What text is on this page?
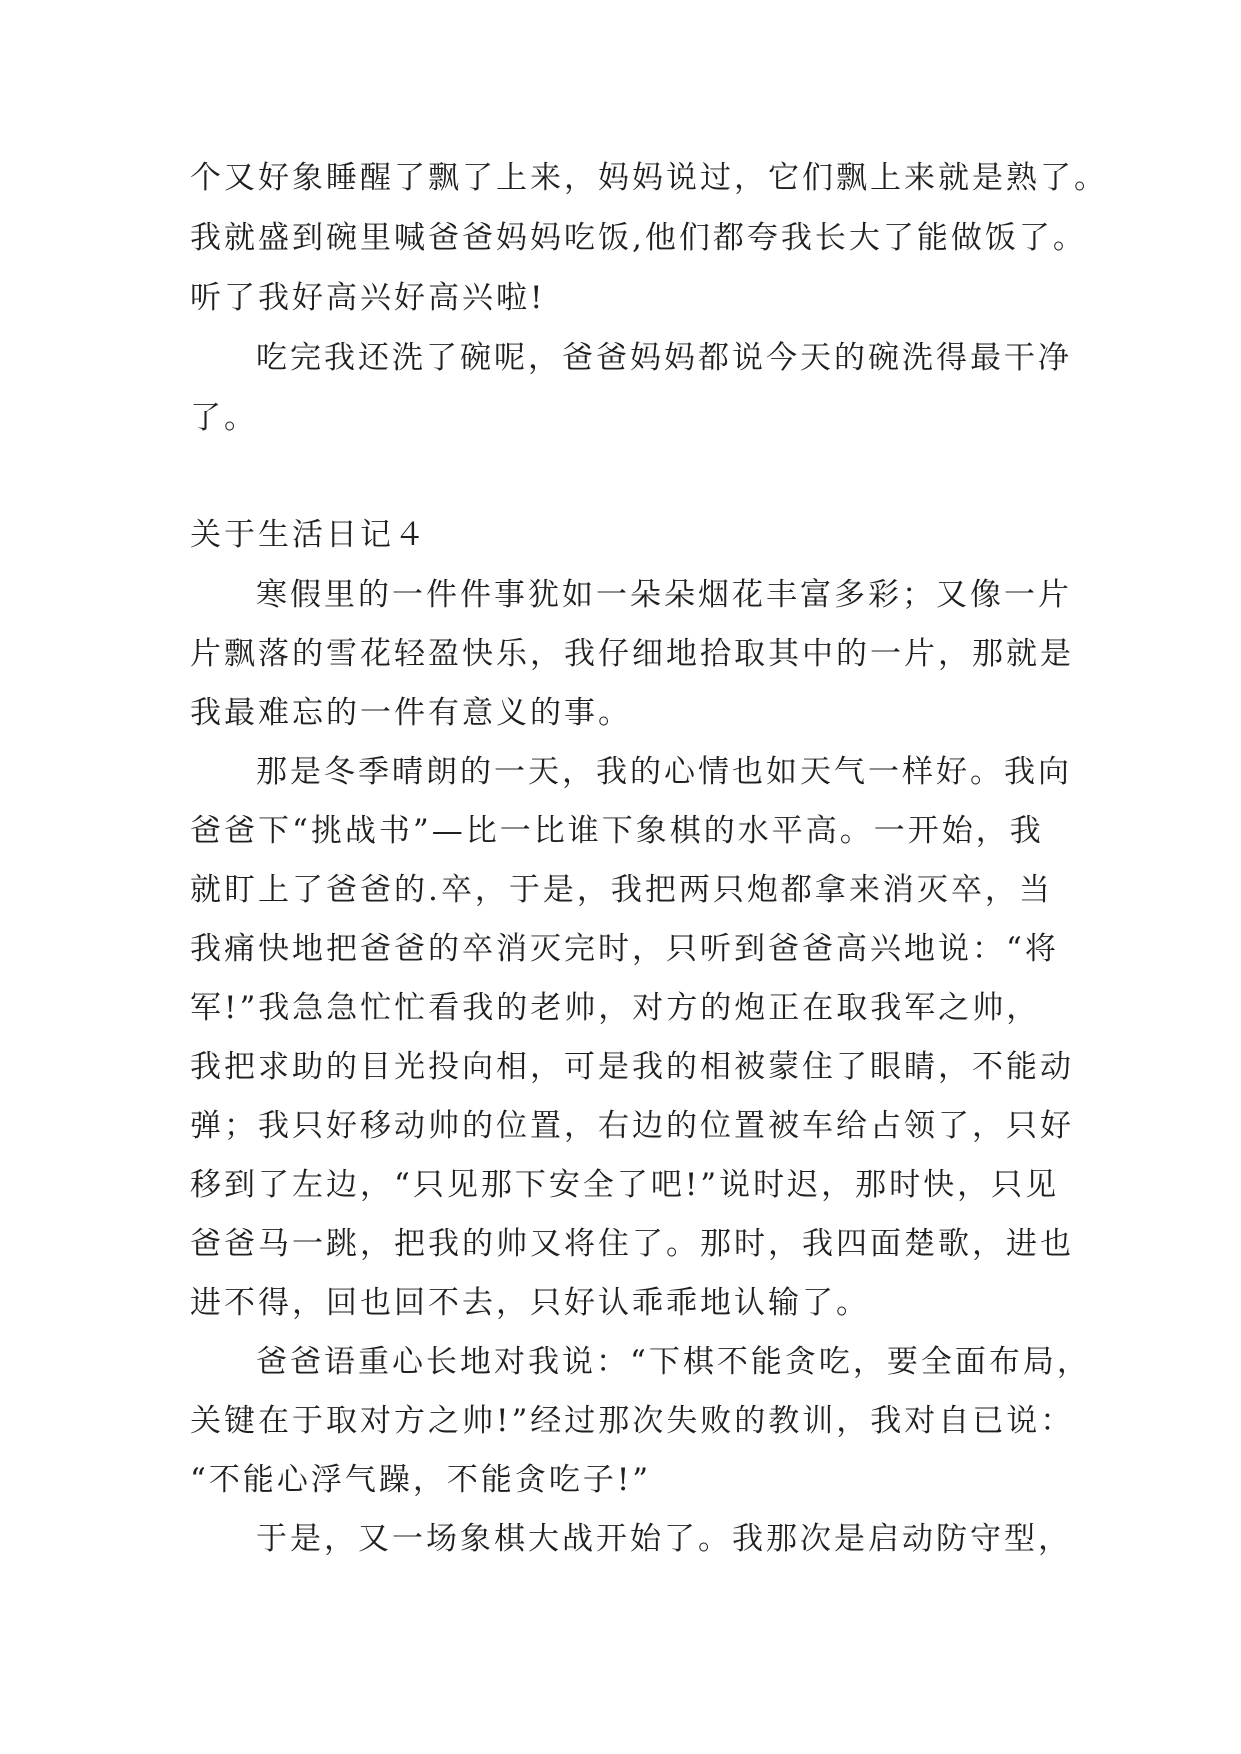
个又好象睡醒了飘了上来，妈妈说过，它们飘上来就是熟了。
我就盛到碗里喊爸爸妈妈吃饭,他们都夸我长大了能做饭了。
听了我好高兴好高兴啦!
吃完我还洗了碗呢，爸爸妈妈都说今天的碗洗得最干净
了。
关于生活日记４
寒假里的一件件事犹如一朵朵烟花丰富多彩；又像一片
片飘落的雪花轻盈快乐，我仔细地拾取其中的一片，那就是
我最难忘的一件有意义的事。
那是冬季晴朗的一天，我的心情也如天气一样好。我向
爸爸下“挑战书”—比一比谁下象棋的水平高。一开始，我
就盯上了爸爸的.卒，于是，我把两只炮都拿来消灭卒，当
我痛快地把爸爸的卒消灭完时，只听到爸爸高兴地说：“将
军!”我急急忙忙看我的老帅，对方的炮正在取我军之帅，
我把求助的目光投向相，可是我的相被蒙住了眼睛，不能动
弹；我只好移动帅的位置，右边的位置被车给占领了，只好
移到了左边，“只见那下安全了吧!”说时迟，那时快，只见
爸爸马一跳，把我的帅又将住了。那时，我四面楚歌，进也
进不得，回也回不去，只好认乖乖地认输了。
爸爸语重心长地对我说：“下棋不能贪吃，要全面布局，
关键在于取对方之帅!”经过那次失败的教训，我对自已说：
“不能心浮气躁，不能贪吃子!”
于是，又一场象棋大战开始了。我那次是启动防守型，
